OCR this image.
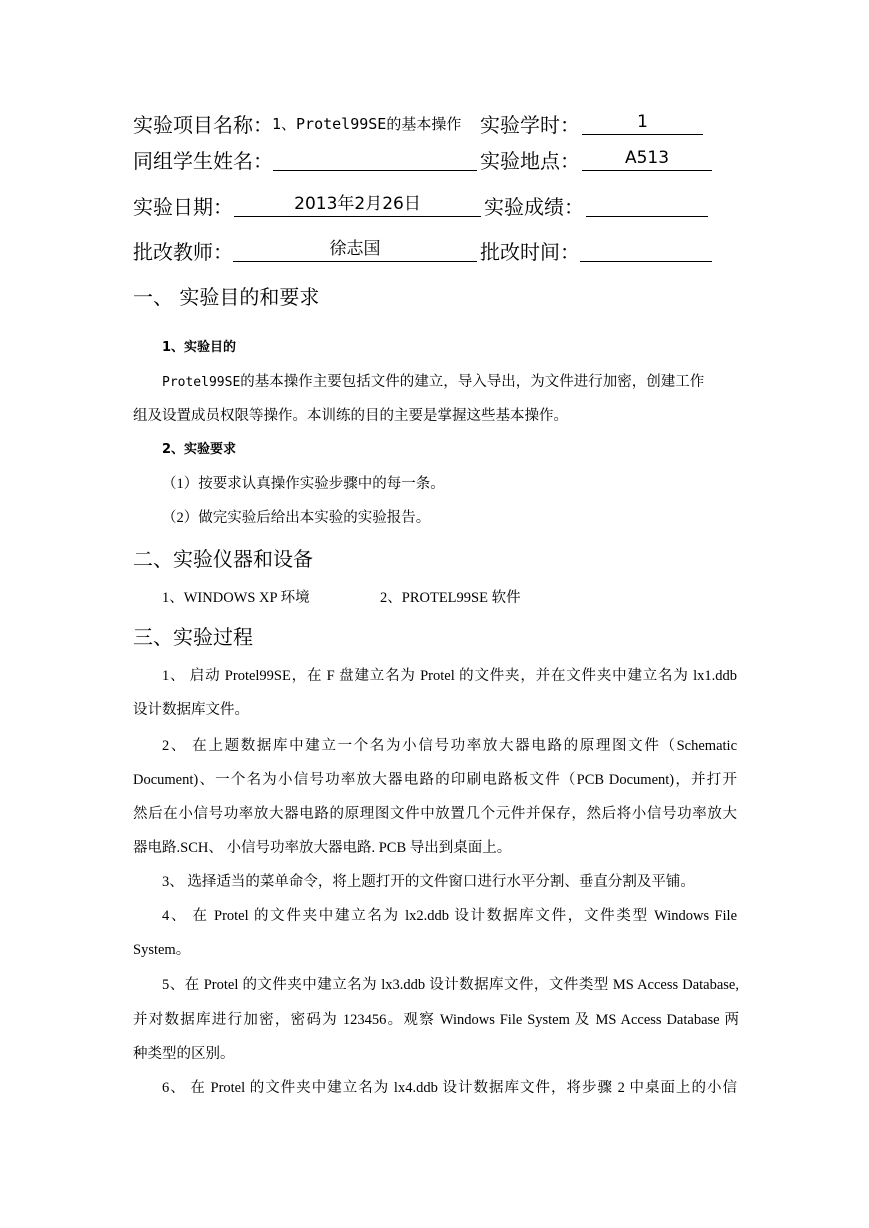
实验项目名称： 1、Protel99SE的基本操作 实验学时：	1
同组学生姓名：	实验地点：	A513
实验日期：	2013年2月26日	实验成绩：
批改教师：	徐志国	批改时间：
一、 实验目的和要求
1、实验目的
Protel99SE的基本操作主要包括文件的建立，导入导出，为文件进行加密，创建工作
组及设置成员权限等操作。本训练的目的主要是掌握这些基本操作。
2、实验要求
（1）按要求认真操作实验步骤中的每一条。
（2）做完实验后给出本实验的实验报告。
二、实验仪器和设备
1、WINDOWS XP 环境	2、PROTEL99SE 软件
三、实验过程
1、 启动 Protel99SE，在 F 盘建立名为 Protel 的文件夹，并在文件夹中建立名为 lx1.ddb
设计数据库文件。
2、 在上题数据库中建立一个名为小信号功率放大器电路的原理图文件（Schematic
Document)、一个名为小信号功率放大器电路的印刷电路板文件（PCB Document)，并打开
然后在小信号功率放大器电路的原理图文件中放置几个元件并保存，然后将小信号功率放大
器电路.SCH、 小信号功率放大器电路. PCB 导出到桌面上。
3、 选择适当的菜单命令，将上题打开的文件窗口进行水平分割、垂直分割及平铺。
4、 在 Protel 的文件夹中建立名为 lx2.ddb 设计数据库文件，文件类型 Windows File
System。
5、在 Protel 的文件夹中建立名为 lx3.ddb 设计数据库文件，文件类型 MS Access Database,
并对数据库进行加密，密码为 123456。观察 Windows File System 及 MS Access Database 两
种类型的区别。
6、 在 Protel 的文件夹中建立名为 lx4.ddb 设计数据库文件，将步骤 2 中桌面上的小信
